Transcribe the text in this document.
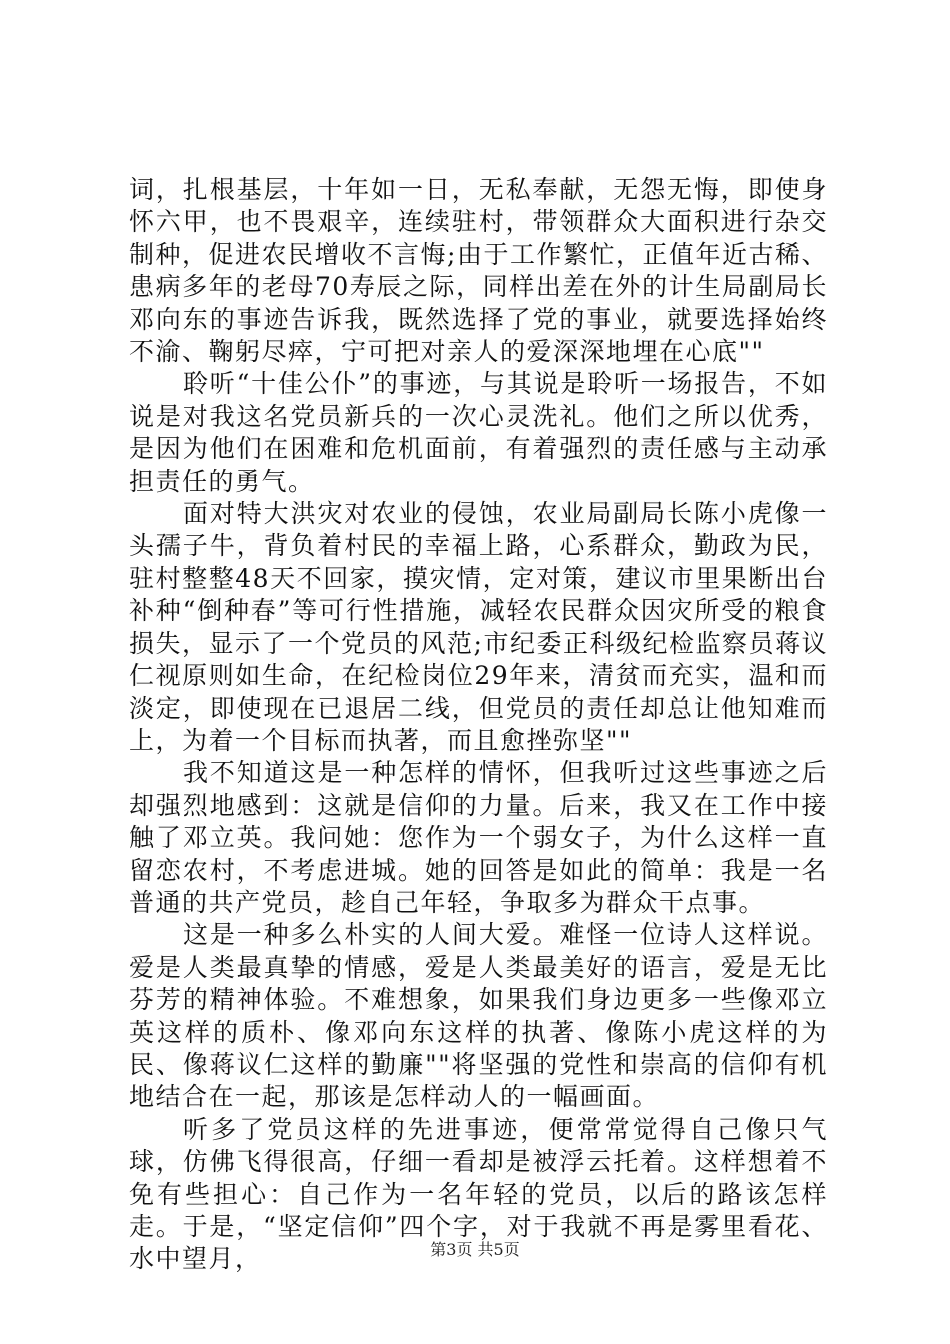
词，扎根基层，十年如一日，无私奉献，无怨无悔，即使身怀六甲，也不畏艰辛，连续驻村，带领群众大面积进行杂交制种，促进农民增收不言悔;由于工作繁忙，正值年近古稀、患病多年的老母70寿辰之际，同样出差在外的计生局副局长邓向东的事迹告诉我，既然选择了党的事业，就要选择始终不渝、鞠躬尽瘁，宁可把对亲人的爱深深地埋在心底""

聆听“十佳公仆”的事迹，与其说是聆听一场报告，不如说是对我这名党员新兵的一次心灵洗礼。他们之所以优秀，是因为他们在困难和危机面前，有着强烈的责任感与主动承担责任的勇气。

面对特大洪灾对农业的侵蚀，农业局副局长陈小虎像一头孺子牛，背负着村民的幸福上路，心系群众，勤政为民，驻村整整48天不回家，摸灾情，定对策，建议市里果断出台补种“倒种春”等可行性措施，减轻农民群众因灾所受的粮食损失，显示了一个党员的风范;市纪委正科级纪检监察员蒋议仁视原则如生命，在纪检岗位29年来，清贫而充实，温和而淡定，即使现在已退居二线，但党员的责任却总让他知难而上，为着一个目标而执著，而且愈挫弥坚""

我不知道这是一种怎样的情怀，但我听过这些事迹之后却强烈地感到：这就是信仰的力量。后来，我又在工作中接触了邓立英。我问她：您作为一个弱女子，为什么这样一直留恋农村，不考虑进城。她的回答是如此的简单：我是一名普通的共产党员，趁自己年轻，争取多为群众干点事。

这是一种多么朴实的人间大爱。难怪一位诗人这样说。爱是人类最真挚的情感，爱是人类最美好的语言，爱是无比芬芳的精神体验。不难想象，如果我们身边更多一些像邓立英这样的质朴、像邓向东这样的执著、像陈小虎这样的为民、像蒋议仁这样的勤廉""将坚强的党性和崇高的信仰有机地结合在一起，那该是怎样动人的一幅画面。

听多了党员这样的先进事迹，便常常觉得自己像只气球，仿佛飞得很高，仔细一看却是被浮云托着。这样想着不免有些担心：自己作为一名年轻的党员，以后的路该怎样走。于是，“坚定信仰”四个字，对于我就不再是雾里看花、水中望月，	第3页 共5页
